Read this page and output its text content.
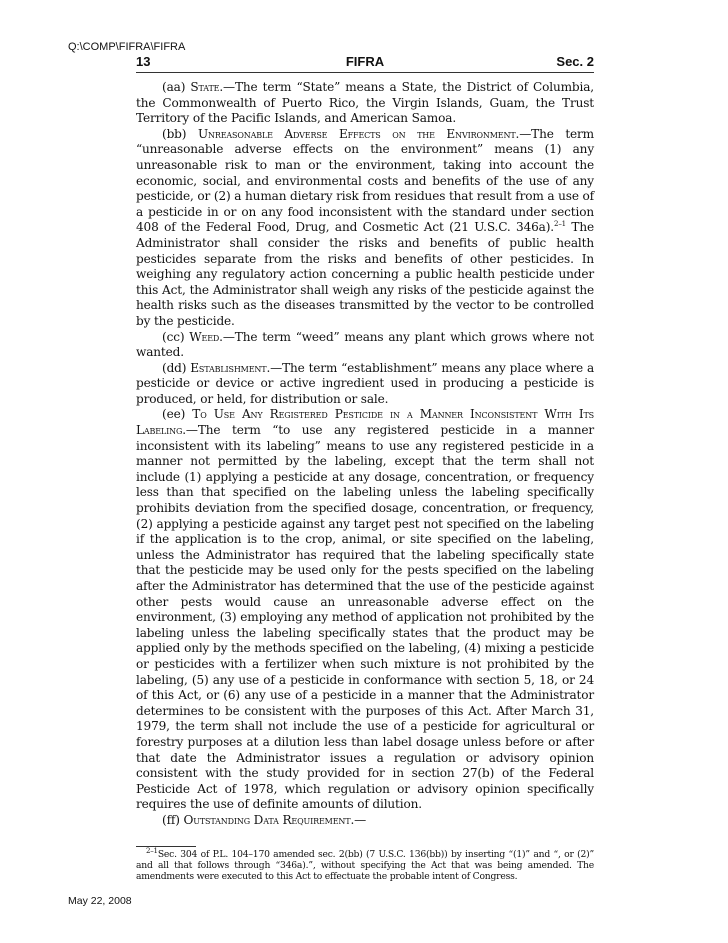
Q:\COMP\FIFRA\FIFRA
13	FIFRA	Sec. 2

(aa) State.—The term “State” means a State, the District of Columbia, the Commonwealth of Puerto Rico, the Virgin Islands, Guam, the Trust Territory of the Pacific Islands, and American Samoa.

(bb) Unreasonable Adverse Effects on the Environment.—The term “unreasonable adverse effects on the environment” means (1) any unreasonable risk to man or the environment, taking into account the economic, social, and environmental costs and benefits of the use of any pesticide, or (2) a human dietary risk from residues that result from a use of a pesticide in or on any food inconsistent with the standard under section 408 of the Federal Food, Drug, and Cosmetic Act (21 U.S.C. 346a).$^{2-1}$ The Administrator shall consider the risks and benefits of public health pesticides separate from the risks and benefits of other pesticides. In weighing any regulatory action concerning a public health pesticide under this Act, the Administrator shall weigh any risks of the pesticide against the health risks such as the diseases transmitted by the vector to be controlled by the pesticide.

(cc) Weed.—The term “weed” means any plant which grows where not wanted.

(dd) Establishment.—The term “establishment” means any place where a pesticide or device or active ingredient used in producing a pesticide is produced, or held, for distribution or sale.

(ee) To Use Any Registered Pesticide in a Manner Inconsistent With Its Labeling.—The term “to use any registered pesticide in a manner inconsistent with its labeling” means to use any registered pesticide in a manner not permitted by the labeling, except that the term shall not include (1) applying a pesticide at any dosage, concentration, or frequency less than that specified on the labeling unless the labeling specifically prohibits deviation from the specified dosage, concentration, or frequency, (2) applying a pesticide against any target pest not specified on the labeling if the application is to the crop, animal, or site specified on the labeling, unless the Administrator has required that the labeling specifically state that the pesticide may be used only for the pests specified on the labeling after the Administrator has determined that the use of the pesticide against other pests would cause an unreasonable adverse effect on the environment, (3) employing any method of application not prohibited by the labeling unless the labeling specifically states that the product may be applied only by the methods specified on the labeling, (4) mixing a pesticide or pesticides with a fertilizer when such mixture is not prohibited by the labeling, (5) any use of a pesticide in conformance with section 5, 18, or 24 of this Act, or (6) any use of a pesticide in a manner that the Administrator determines to be consistent with the purposes of this Act. After March 31, 1979, the term shall not include the use of a pesticide for agricultural or forestry purposes at a dilution less than label dosage unless before or after that date the Administrator issues a regulation or advisory opinion consistent with the study provided for in section 27(b) of the Federal Pesticide Act of 1978, which regulation or advisory opinion specifically requires the use of definite amounts of dilution.

(ff) Outstanding Data Requirement.—

$^{2-1}$Sec. 304 of P.L. 104–170 amended sec. 2(bb) (7 U.S.C. 136(bb)) by inserting “(1)” and “, or (2)” and all that follows through “346a).”, without specifying the Act that was being amended. The amendments were executed to this Act to effectuate the probable intent of Congress.

May 22, 2008
